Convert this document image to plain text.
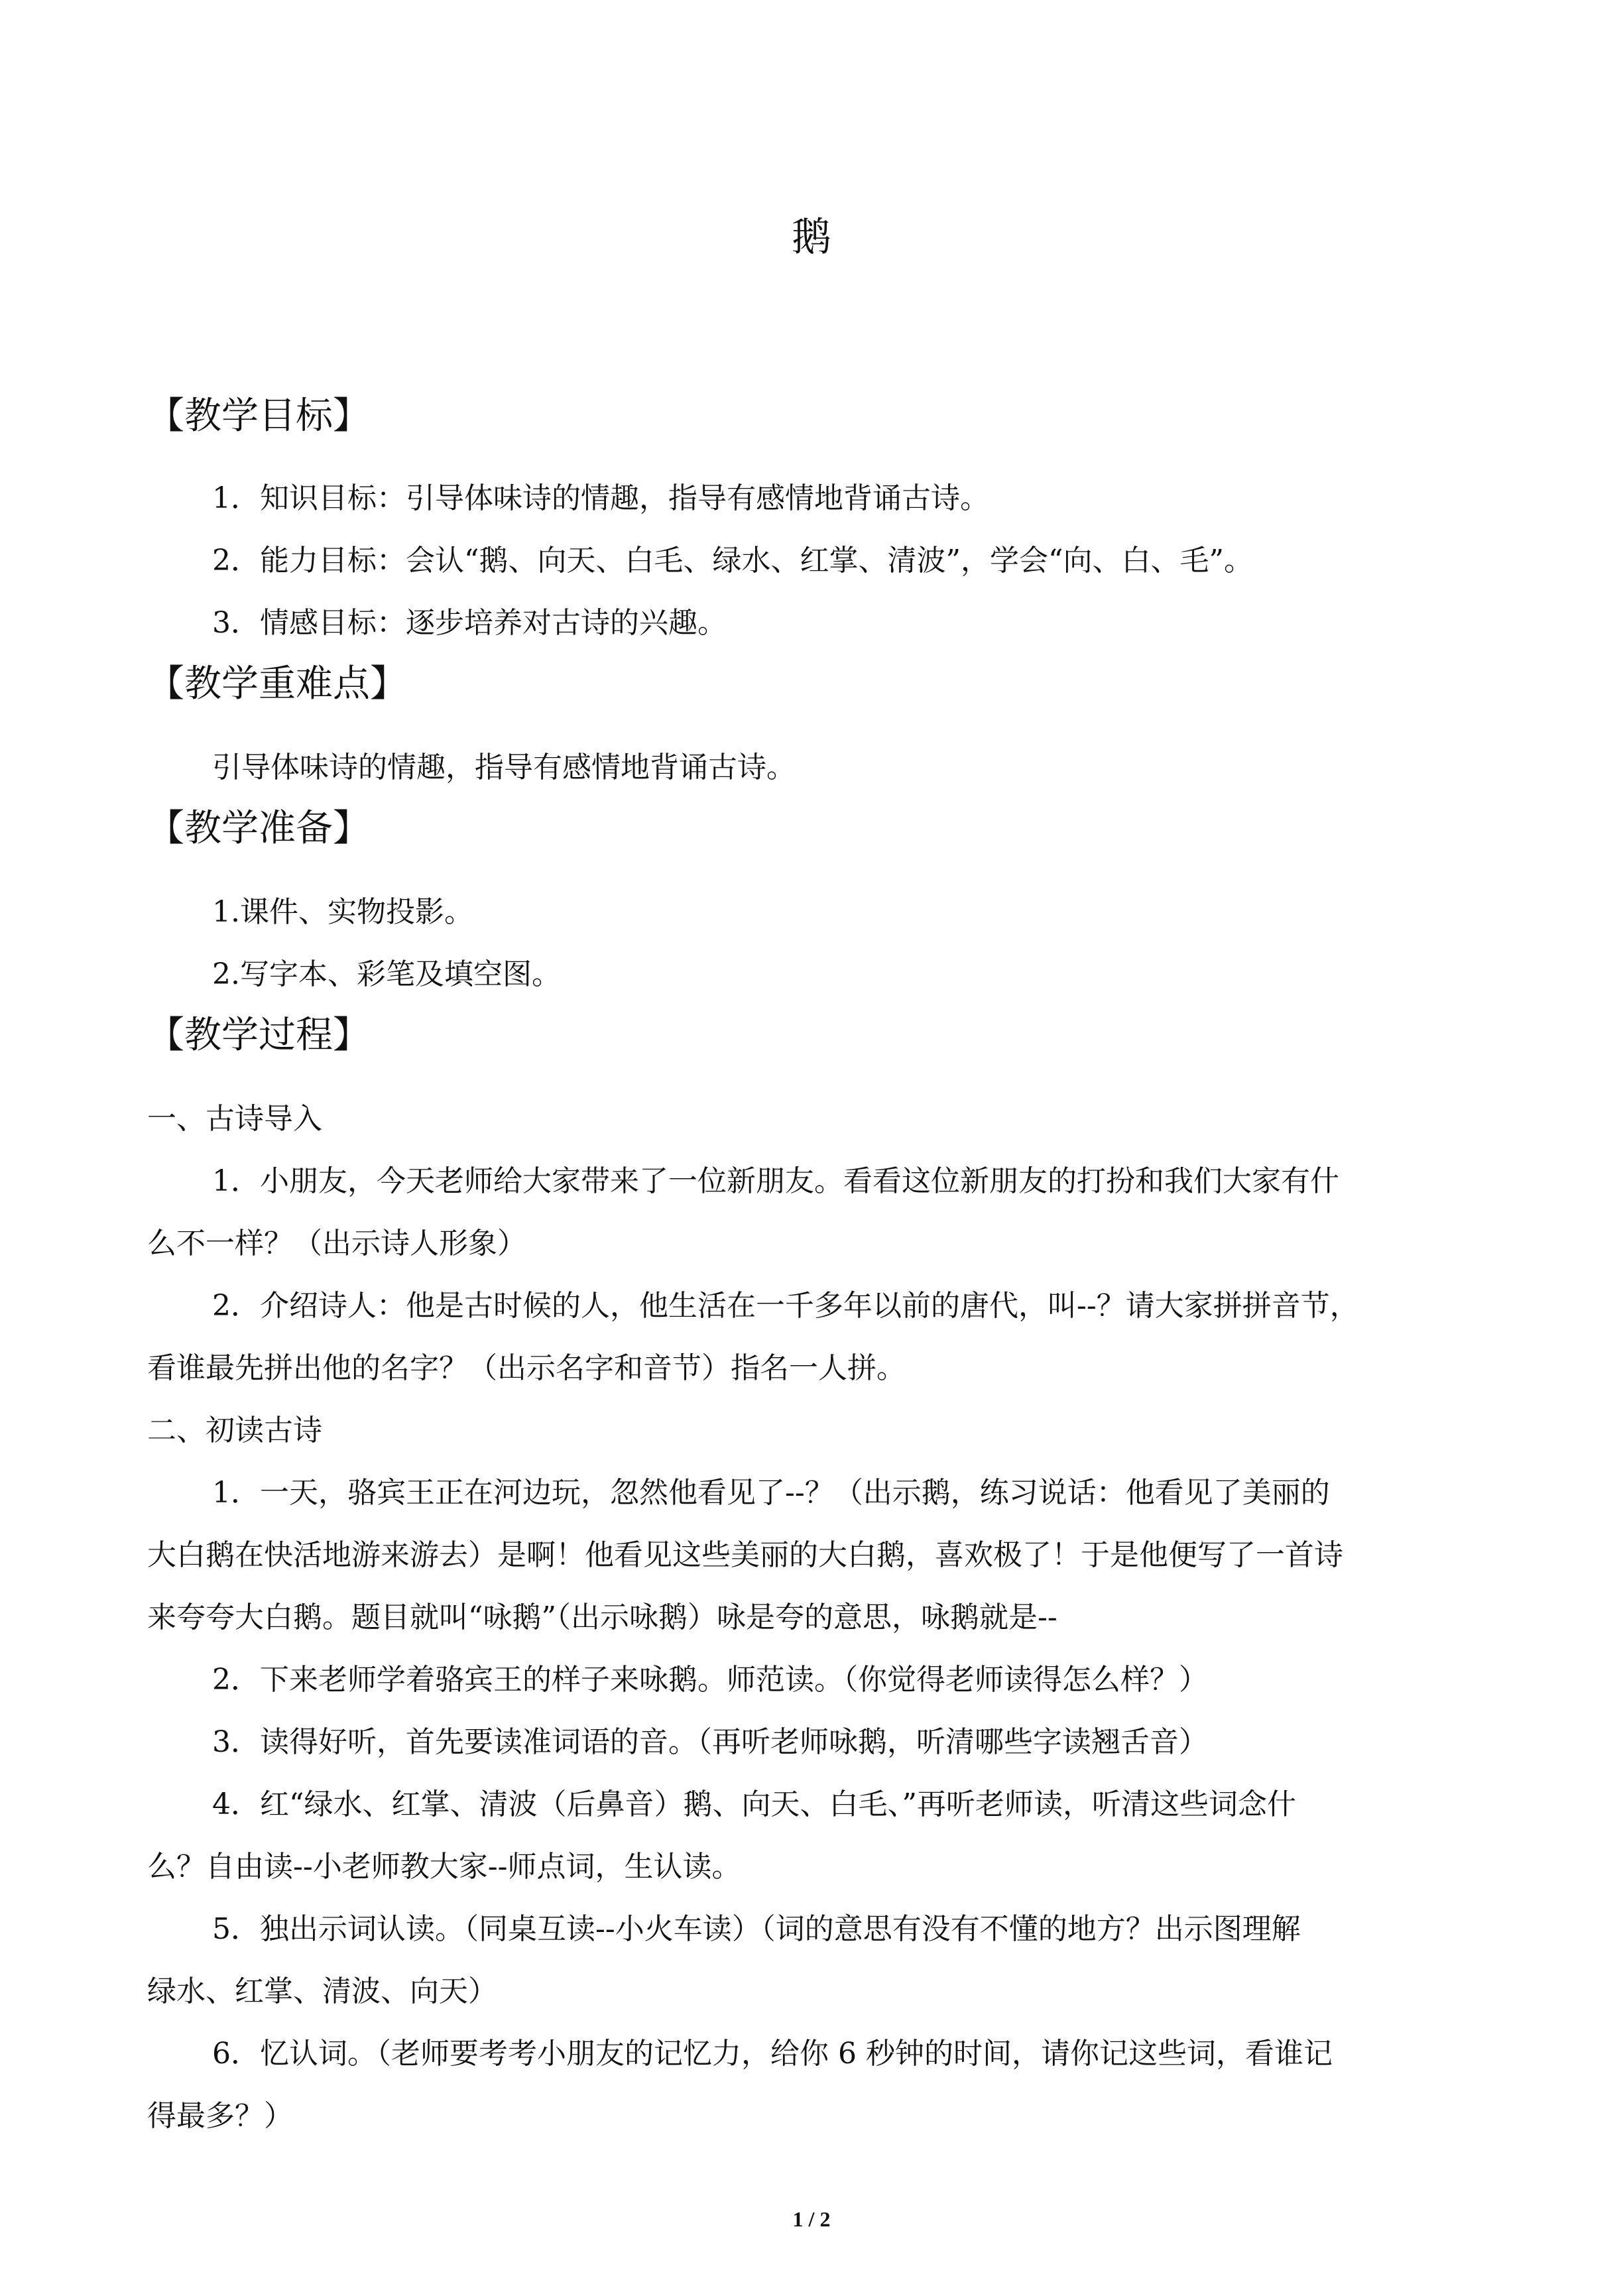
鹅
【教学目标】
1．知识目标：引导体味诗的情趣，指导有感情地背诵古诗。
2．能力目标：会认“鹅、向天、白毛、绿水、红掌、清波”，学会“向、白、毛”。
3．情感目标：逐步培养对古诗的兴趣。
【教学重难点】
引导体味诗的情趣，指导有感情地背诵古诗。
【教学准备】
1.课件、实物投影。
2.写字本、彩笔及填空图。
【教学过程】
一、古诗导入
1．小朋友，今天老师给大家带来了一位新朋友。看看这位新朋友的打扮和我们大家有什
么不一样？（出示诗人形象）
2．介绍诗人：他是古时候的人，他生活在一千多年以前的唐代，叫--？请大家拼拼音节，
看谁最先拼出他的名字？（出示名字和音节）指名一人拼。
二、初读古诗
1．一天，骆宾王正在河边玩，忽然他看见了--？（出示鹅，练习说话：他看见了美丽的
大白鹅在快活地游来游去）是啊！他看见这些美丽的大白鹅，喜欢极了！于是他便写了一首诗
来夸夸大白鹅。题目就叫“咏鹅”（出示咏鹅）咏是夸的意思，咏鹅就是--
2．下来老师学着骆宾王的样子来咏鹅。师范读。（你觉得老师读得怎么样？）
3．读得好听，首先要读准词语的音。（再听老师咏鹅，听清哪些字读翘舌音）
4．红“绿水、红掌、清波（后鼻音）鹅、向天、白毛、”再听老师读，听清这些词念什
么？自由读--小老师教大家--师点词，生认读。
5．独出示词认读。（同桌互读--小火车读）（词的意思有没有不懂的地方？出示图理解
绿水、红掌、清波、向天）
6．忆认词。（老师要考考小朋友的记忆力，给你 6 秒钟的时间，请你记这些词，看谁记
得最多？）
1 / 2
